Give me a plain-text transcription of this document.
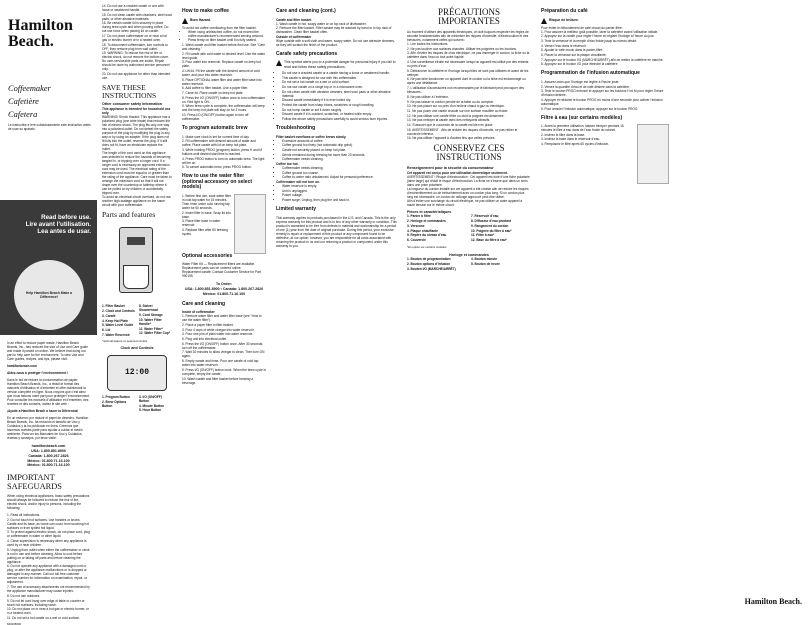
Hamilton Beach.
Coffeemaker
Cafetière
Cafetera
Le instructive e lere culdadosamente este instructivo antes de usar su aparato.
Read before use.
Lire avant l’utilisation.
Lea antes de usar.
Help Hamilton Beach Make a Difference!

In an effort to reduce paper waste, Hamilton Beach Brands, Inc., has reduced the size of Use and Care guide and made it posted on online. We believe that doing our part to help care for the environment. To view Use and Care guides, recipes, and tips, please visit:

hamiltonbeach.com

Aidez-nous à protéger l’environnement !

Dans le but de réduire la consommation de papier, Hamilton Beach Brands, Inc., a réduit le format des manuels d’utilisation et d’entretien et offre maintenant la version complète en ligne. Nous croyons que c’est ainsi que nous faisons notre part pour protéger l’environnement. Pour consulter les manuels d’utilisation et d’entretien, des recettes et des conseils, visitez le site web :

¡Ayude a Hamilton Beach a hacer la Diferencia!

En un esfuerzo por reducir el papel de desecho, Hamilton Beach Brands, Inc. ha reducido el tamaño de Uso y Cuidados y la ha publicado en línea. Creemos que hacemos nuestra parte para ayudar a cuidar el medio ambiente. Para ver los Manuales de Uso y Cuidados, recetas y consejos, por favor visite:

hamiltonbeach.com
USA: 1.800.851.8900
Canada: 1.800.267.2826
México: 01.800.71.16.100
México: 01.800.71.16.100
IMPORTANT SAFEGUARDS

When using electrical appliances, basic safety precautions should always be followed to reduce the risk of fire, electric shock, and/or injury to persons, including the following:

1. Read all instructions.
2. Do not touch hot surfaces. Use handles or knobs. Carafe and its base, as home can occur from touching hot surfaces or from spilled hot liquid.
3. To protect against electric shock, do not place cord, plug or coffeemaker in water or other liquid.
4. Close supervision is necessary when any appliance is used by or near children.
5. Unplug from outlet when either the coffeemaker or clock is not in use and before cleaning. Allow to cool before putting on or taking off parts and before cleaning the appliance.
6. Do not operate any appliance with a damaged cord or plug, or after the appliance malfunctions or is dropped or damaged in any manner. Call our toll-free customer service number for information on examination, repair, or adjustment.
7. The use of accessory attachments not recommended by the appliance manufacturer may cause injuries.
8. Do not use outdoors.
9. Do not let cord hang over edge of table or counter or touch hot surfaces, including stove.
10. Do not place on or near a hot gas or electric burner, or in a heated oven.
11. Do not set a hot carafe on a wet or cold surface.

840208600

14. Do not use a cracked carafe or one with loose or weakened handle.
15. Do not clean carafe with cleansers, steel wool pads, or other abrasive materials.
16. Be certain carafe lid is securely in place during brew cycle and when pouring coffee. Do not use force when placing lid on carafe.
17. Do not place coffeemaker on or near a hot gas or electric burner or in a heated oven.
18. To disconnect coffeemaker, turn controls to OFF, then remove plug from wall outlet.
19. WARNING: To reduce the risk of fire or electric shock, do not remove the bottom cover. No user-serviceable parts are inside. Repair should be done by authorized service personnel only.
20. Do not use appliance for other than intended use.
SAVE THESE INSTRUCTIONS
Other consumer safety information

This appliance is intended for household use only.

WARNING! Shock Hazard: This appliance has a polarized plug (one wide blade) that reduces the risk of electric shock. The plug fits only one way into a polarized outlet. Do not defeat the safety purpose of the plug by modifying the plug in any way or by using an adapter. If the plug does not fit fully into the outlet, reverse the plug. If it still does not fit, have an electrician replace the outlet.

The length of the cord used on this appliance was selected to reduce the hazards of becoming tangled in, or tripping over a longer cord. If a longer cord is necessary an approved extension cord may be used. The electrical rating of the extension cord must be equal to or greater than the rating of the appliance. Care must be taken to arrange the extension cord so that it will not drape over the countertop or tabletop where it can be pulled on by children or accidentally tripped over.

To avoid an electrical circuit overload, do not use another high-wattage appliance on the same circuit with your coffeemaker.

Parts and features
1. Filter Basket
2. Clock and Controls
3. Carafe
4. Keep Hot Plate
5. Water Level Guide
6. Lid
7. Water Reservoir
8. Swivel Showerhead
9. Cord Storage
10. Water Filter Handle*
11. Water Filter*
12. Water Filter Cup*

*optional feature on selected models

Clock and Controls
12:00
1. Program Button
2. Brew Options Button
3. I/O (ON/OFF) Button
4. Minute Button
5. Hour Button
How to make coffee
Burn Hazard.

To avoid hot coffee overflowing from the filter basket:

• When using unbleached coffee, do not exceed the coffee manufacturer’s recommended serving amount.
• Press firmly on filter basket until it is fully seated.
1. Wash carafe and filter basket before first use. See “Care and cleaning.”
2. Fill carafe with cold water to desired level. Use the water level guide.
3. Pour water into reservoir. Replace carafe on keep hot plate.
4. Lift lid. Fill the carafe with the desired amount of cold water, and pour into water reservoir.
5. Place OPTIONAL water filter and water filter base into water reservoir.
6. Add coffee to filter basket. Use a paper filter.
7. Close lid. Place carafe on keep hot plate.
8. Press the I/O (ON/OFF) button once to turn coffeemaker on. Red light is ON.
9. When brew cycle is complete, the coffeemaker will beep and the keep hot plate will stay on for 2 hours.
10. Press I/O (ON/OFF) button again to turn off coffeemaker.
To program automatic brew
1. Make sure clock is set for current time of day.
2. Fill coffeemaker with desired amount of water and coffee. Place carafe with lid on keep hot plate.
3. While holding PROG (program) button, press H and M buttons until desired start time is reached.
4. Press PROG button to turn on automatic brew. The light will be on.
5. To cancel automatic brew, press PROG button.
How to use the water filter (optional accessory on select models)
1. Before first use, soak water filter in cold tap water for 15 minutes. Then rinse under cold running tap water for 60 seconds.
2. Insert filter in base. Snap lid into base.
3. Place filter base in water reservoir.
4. Replace filter after 60 brewing cycles.
Optional accessories

Water Filter Kit — Replacement filters are available. Replacement parts can be ordered online.

Replacement carafe: Contact Customer Service for Part 990155.

To Order:
USA: 1.800.851.8900 • Canada: 1.800.267.2826
México: 01.800.71.16.100
Care and cleaning

Inside of coffeemaker

1. Remove water filter and water filter base (see “How to use the water filter”).
2. Place a paper filter in filter basket.
3. Pour 4 cups of white vinegar into water reservoir.
4. Pour one pint of plain water into water reservoir.
5. Plug unit into electrical outlet.
6. Press the I/O (ON/OFF) button once. After 30 seconds, turn off the coffeemaker.
7. Wait 30 minutes to allow vinegar to clean. Then turn ON again.
8. Empty carafe and rinse. Pour one carafe of cold tap water into water reservoir.
9. Press I/O (ON/OFF) button once. When the brew cycle is complete, empty the carafe.
10. Wash carafe and filter basket before brewing a beverage.
Care and cleaning (cont.)

Carafe and filter basket

1. Wash carafe in hot, soapy water or on top rack of dishwasher.
2. Remove the filter basket. Filter basket may be washed by hand or in top rack of dishwasher. Clean filter basket often.

Outside of coffeemaker

Wipe outside with a soft cloth and warm, soapy water. Do not use abrasive cleaners, as they will scratch the finish of the product.

Carafe safety precautions
This symbol alerts you to a potential danger for personal injury if you fail to read and follow these safety precautions.
• Do not use a cracked carafe or a carafe having a loose or weakened handle.
• This carafe is designed for use with this coffeemaker.
• Do not set a hot carafe on a wet or cold surface.
• Do not use carafe on a range top or in a microwave oven.
• Do not clean carafe with abrasive cleaners, steel wool pads or other abrasive material.
• Discard carafe immediately if it is ever boiled dry.
• Protect the carafe from sharp blows, scratches or rough handling.
• Do not bump carafe or set it down roughly.
• Discard carafe if it is cracked, scratched, or heated while empty.
• Follow the above safety precautions carefully to avoid serious burn injuries.
Troubleshooting

Filter basket overflows or coffee brews slowly.

• Excessive amounts of coffee.
• Coffee ground too finely (not automatic drip grind).
• Carafe not securely placed on keep hot plate.
• Grinds remained during brewing far more than 20 seconds.
• Coffeemaker needs cleaning.

Coffee too hot.

• Coffeemaker needs cleaning.
• Coffee ground too coarse.
• Coffee-to-water ratio unbalanced. Adjust for personal preference.

Coffeemaker will not turn on.

• Water reservoir is empty.
• Unit is unplugged.
• Power outage.
• Power surge; Unplug, then plug the unit back in.
Limited warranty

This warranty applies to products purchased in the U.S. and Canada. This is the only express warranty for this product and is in lieu of any other warranty or condition. This product is warranted to be free from defects in material and workmanship for a period of one (1) year from the date of original purchase. During this period, your exclusive remedy is repair or replacement of this product or any component found to be defective, at our option; however, you are responsible for all costs associated with returning the product to us and our returning a product or component under this warranty to you.

PRÉCAUTIONS IMPORTANTES

Au moment d’utiliser des appareils électriques, on doit toujours respecter les règles de sécurité fondamentales afin de minimiser les risques d’incendie, d’électrocution et des blessures, notamment celles qui suivent :

1. Lire toutes les instructions.
2. Ne pas toucher aux surfaces chaudes. Utiliser les poignées ou les boutons.
3. Afin d’éviter les risques de choc électrique, ne pas immerger le cordon, la fiche ou la cafetière dans l’eau ou tout autre liquide.
4. Une surveillance étroite est nécessaire lorsqu’un appareil est utilisé par des enfants ou près d’eux.
5. Débrancher la cafetière et l’horloge lorsqu’elles ne sont pas utilisées et avant de les nettoyer.
6. Ne pas faire fonctionner un appareil dont le cordon ou la fiche est endommagé ou après une défaillance.
7. L’utilisation d’accessoires non recommandés par le fabricant peut provoquer des blessures.
8. Ne pas utiliser à l’extérieur.
9. Ne pas laisser le cordon pendre de la table ou du comptoir.
10. Ne pas placer sur ou près d’un brûleur chaud à gaz ou électrique.
11. Ne pas poser une carafe chaude sur une surface mouillée ou froide.
12. Ne pas utiliser une carafe fêlée ou dont la poignée est desserrée.
13. Ne pas nettoyer la carafe avec des nettoyants abrasifs.
14. S’assurer que le couvercle de la carafe est bien en place.
15. AVERTISSEMENT : Afin de réduire les risques d’incendie, ne pas retirer le couvercle inférieur.
16. Ne pas utiliser l’appareil à d’autres fins que celles prévues.
CONSERVEZ CES INSTRUCTIONS
Renseignement pour la sécurité du consommateur

Cet appareil est conçu pour une utilisation domestique seulement.

AVERTISSEMENT ! Risque d’électrocution : Cet appareil est doté d’une fiche polarisée (lame large) qui réduit le risque d’électrocution. La fiche ne s’insère que dans un sens dans une prise polarisée.

La longueur du cordon installé sur cet appareil a été choisie afin de réduire les risques d’enchevêtrement ou de trébuchement avec un cordon plus long. Si un cordon plus long est nécessaire, un cordon de rallonge approuvé peut être utilisé.

Afin d’éviter une surcharge du circuit électrique, ne pas utiliser un autre appareil à haute tension sur le même circuit.

Pièces et caractéristiques
1. Panier à filtre
2. Horloge et commandes
3. Verseuse
4. Plaque chauffante
5. Repère du niveau d’eau
6. Couvercle
7. Réservoir d’eau
8. Diffuseur d’eau pivotant
9. Rangement du cordon
10. Poignée du filtre à eau*
11. Filtre à eau*
12. Base du filtre à eau*

*En option sur certains modèles

Horloge et commandes
1. Bouton de programmation
2. Bouton options d’infusion
3. Bouton I/O (MARCHE/ARRÊT)
4. Bouton minute
5. Bouton de heure
Préparation du café
Risque de brûlure.

Pour éviter le débordement de café chaud du panier-filtre :

1. Pour assurer la meilleur goût possible, laver la cafetière avant l’utilisation initiale.
2. Appuyez sur la carafe pour régler l’heure en réglant l’horloge à l’heure du jour.
3. Tenir la verseuse et la remplir d’eau froide jusqu’au niveau désiré.
4. Verser l’eau dans le réservoir.
5. Ajouter le café moulu dans le panier-filtre.
6. Placer la verseuse sur la plaque chauffante.
7. Appuyez sur le bouton I/O (MARCHE/ARRÊT) afin de mettre la cafetière en marche.
8. Appuyez sur le bouton I/O pour éteindre la cafetière.
Programmation de l’infusion automatique
1. Assurez-vous que l’horloge est réglée à l’heure juste.
2. Versez la quantité d’eau et de café désirée dans la cafetière.
3. Tenir le bouton PROG enfoncé et appuyer sur les boutons H et M pour régler l’heure d’infusion désirée.
4. Appuyer et relâcher le bouton PROG en moins d’une seconde pour activer l’infusion automatique.
5. Pour annuler l’infusion automatique, appuyer sur le bouton PROG.
Filtre à eau (sur certains modèles)
1. Avant la première utilisation, laissez tremper pendant 15 minutes le filtre à eau dans de l’eau froide du robinet.
2. Insérez le filtre dans la base.
3. Insérez la base dans le réservoir d’eau.
4. Remplacez le filtre après 60 cycles d’infusion.
Hamilton Beach.
